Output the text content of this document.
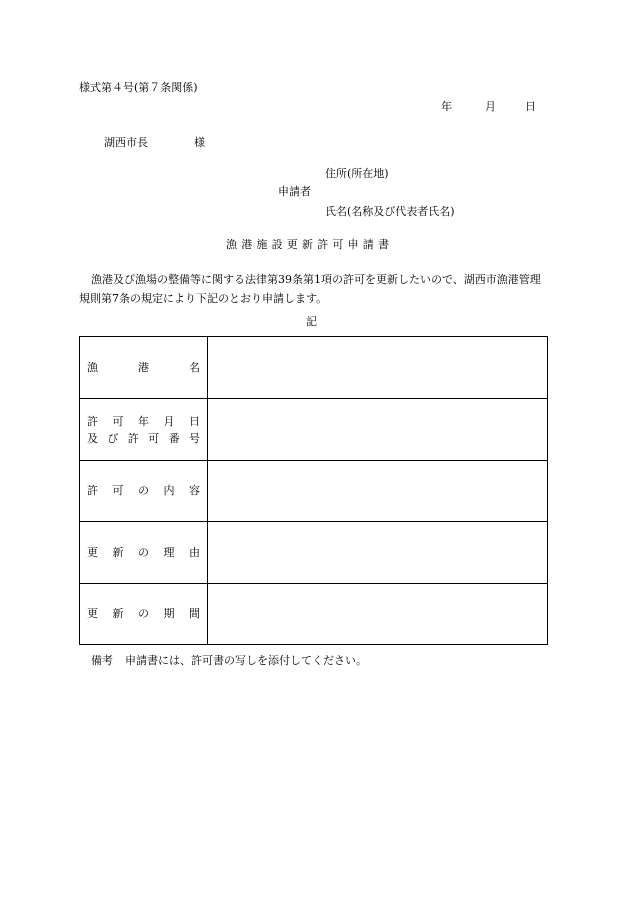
様式第４号(第７条関係)
年	月	日
湖西市長	様
住所(所在地)
申請者
氏名(名称及び代表者氏名)
漁港施設更新許可申請書
漁港及び漁場の整備等に関する法律第39条第1項の許可を更新したいので、湖西市漁港管理規則第7条の規定により下記のとおり申請します。
記
漁	港	名
許 可 年 月 日
及 び 許 可 番 号
許 可 の 内 容
更 新 の 理 由
更 新 の 期 間
備考 申請書には、許可書の写しを添付してください。
